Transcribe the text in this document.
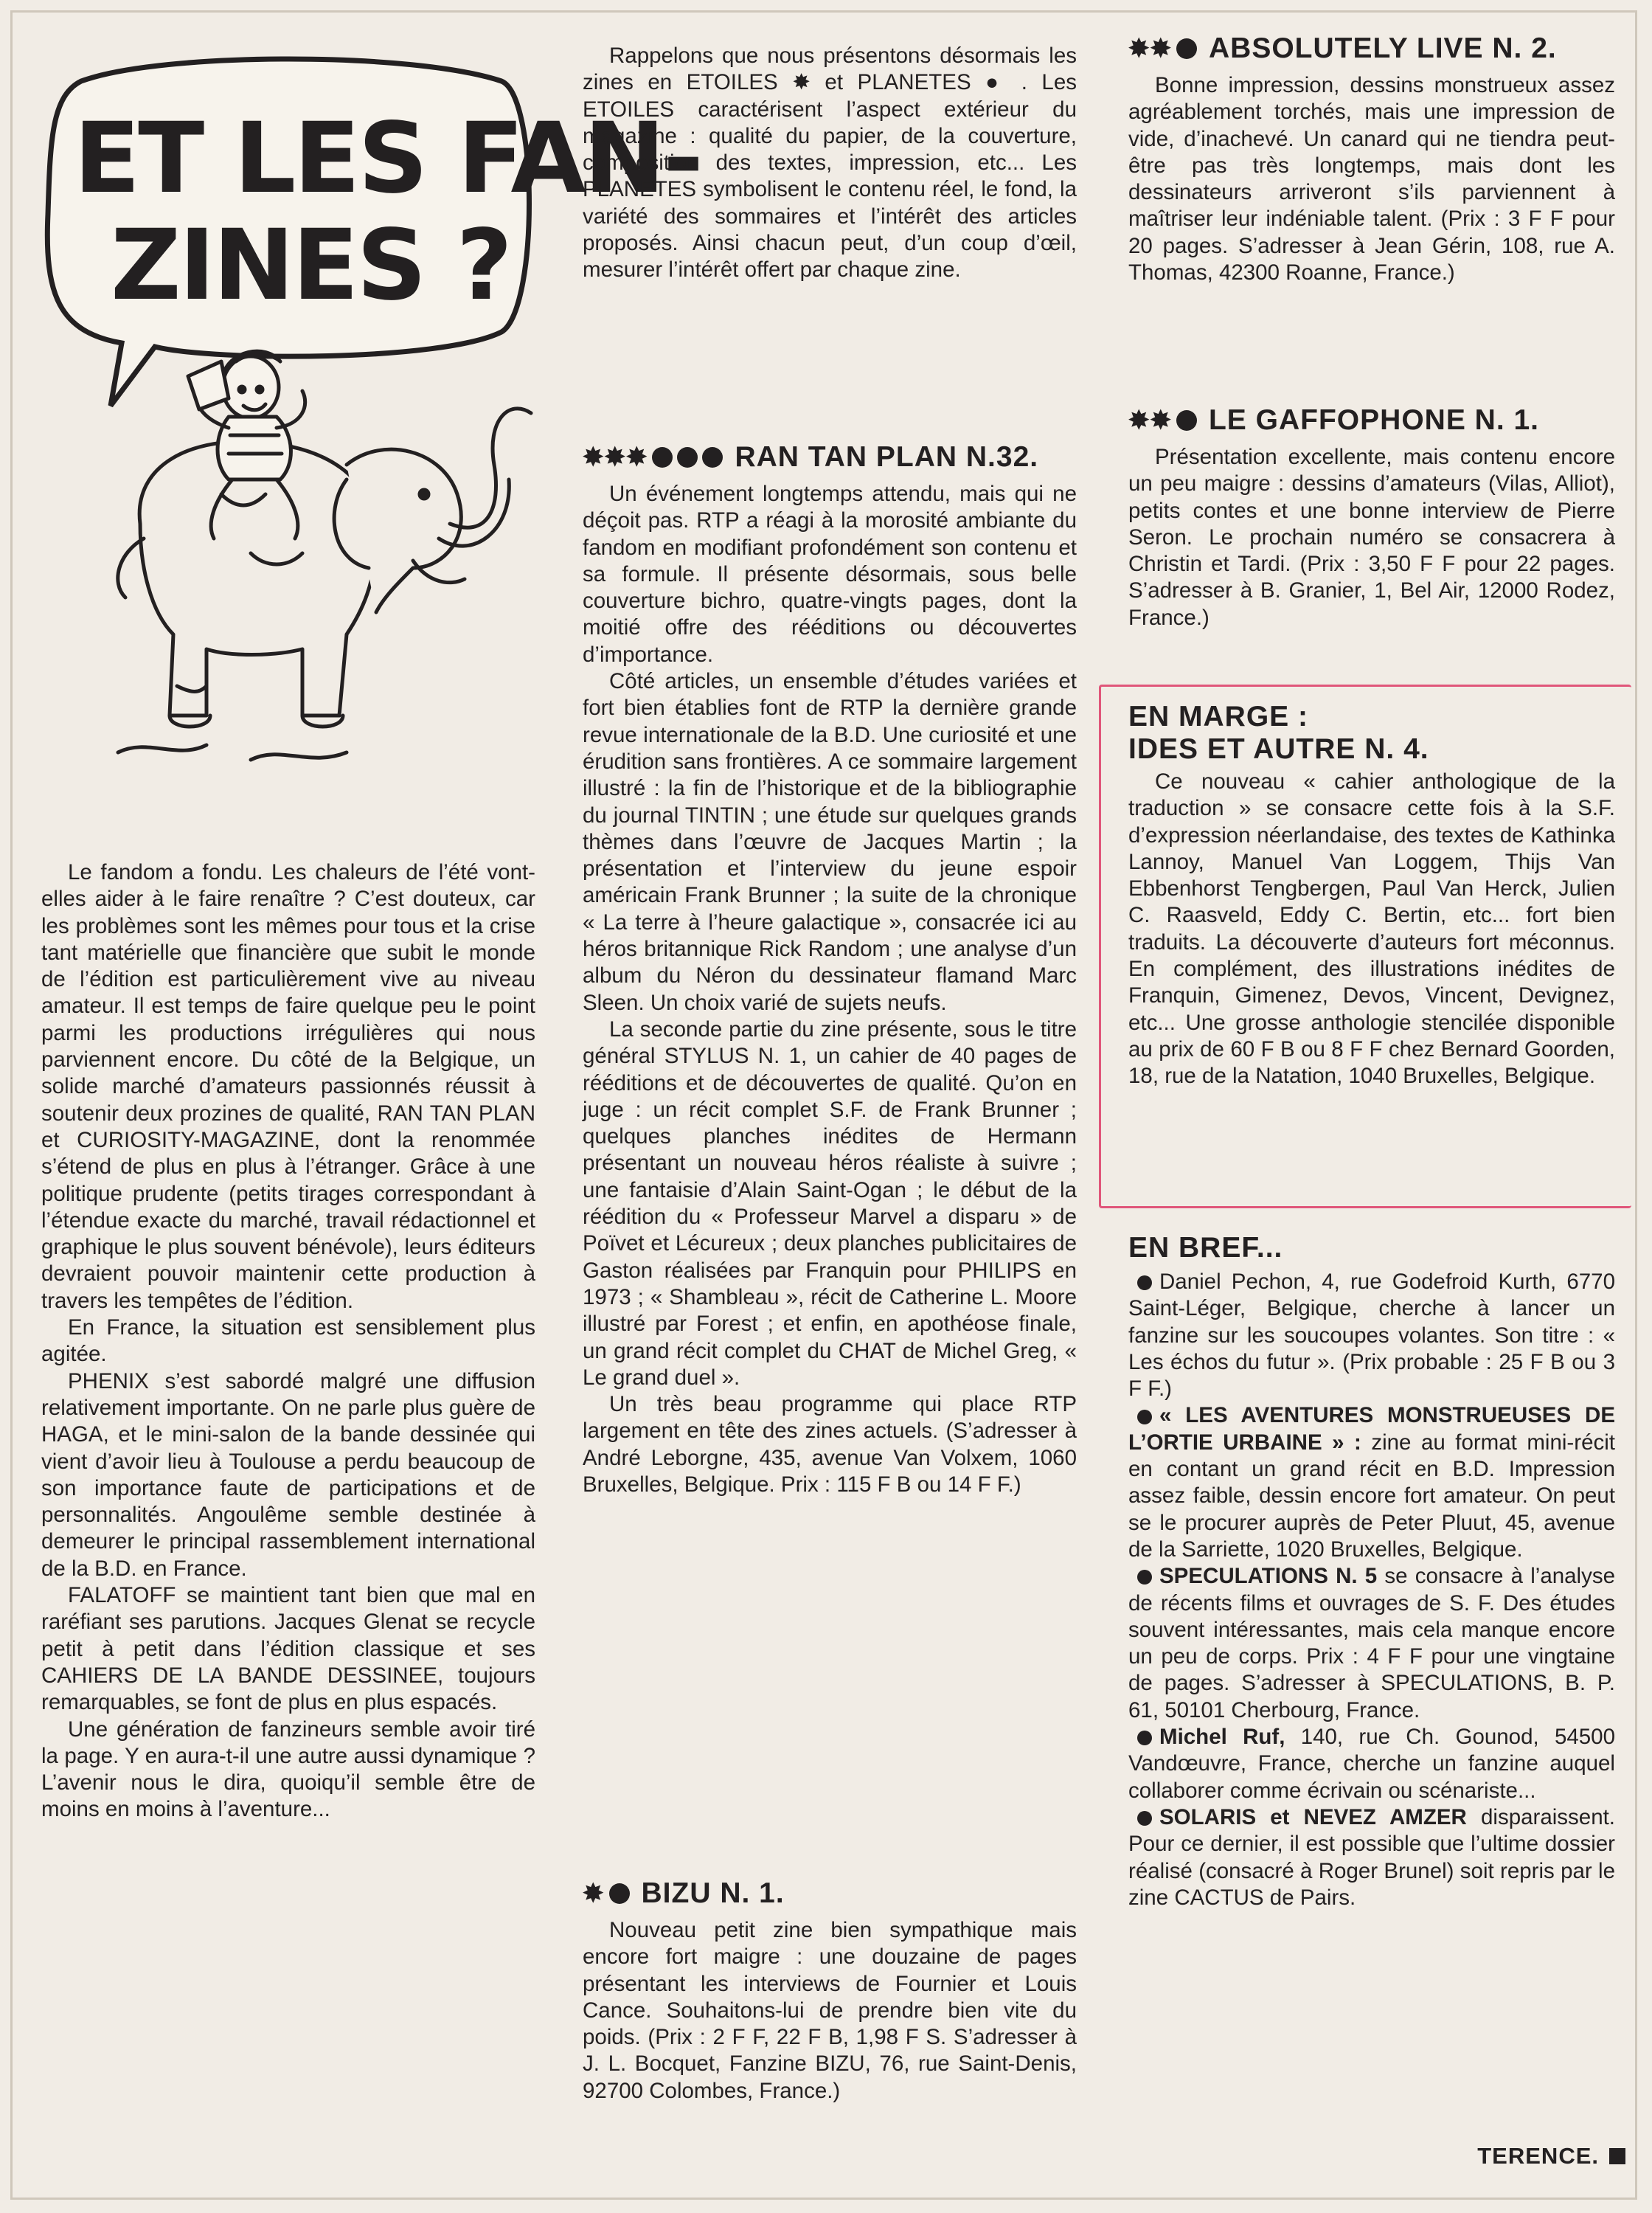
ET LES FAN-
ZINES ?

Le fandom a fondu. Les chaleurs de l’été vont-elles aider à le faire renaître ? C’est douteux, car les problèmes sont les mêmes pour tous et la crise tant matérielle que financière que subit le monde de l’édition est particulièrement vive au niveau amateur. Il est temps de faire quelque peu le point parmi les productions irrégulières qui nous parviennent encore. Du côté de la Belgique, un solide marché d’amateurs passionnés réussit à soutenir deux prozines de qualité, RAN TAN PLAN et CURIOSITY-MAGAZINE, dont la renommée s’étend de plus en plus à l’étranger. Grâce à une politique prudente (petits tirages correspondant à l’étendue exacte du marché, travail rédactionnel et graphique le plus souvent bénévole), leurs éditeurs devraient pouvoir maintenir cette production à travers les tempêtes de l’édition.

En France, la situation est sensiblement plus agitée.

PHENIX s’est sabordé malgré une diffusion relativement importante. On ne parle plus guère de HAGA, et le mini-salon de la bande dessinée qui vient d’avoir lieu à Toulouse a perdu beaucoup de son importance faute de participations et de personnalités. Angoulême semble destinée à demeurer le principal rassemblement international de la B.D. en France.

FALATOFF se maintient tant bien que mal en raréfiant ses parutions. Jacques Glenat se recycle petit à petit dans l’édition classique et ses CAHIERS DE LA BANDE DESSINEE, toujours remarquables, se font de plus en plus espacés.

Une génération de fanzineurs semble avoir tiré la page. Y en aura-t-il une autre aussi dynamique ? L’avenir nous le dira, quoiqu’il semble être de moins en moins à l’aventure...

Rappelons que nous présentons désormais les zines en ETOILES ✸ et PLANETES ● . Les ETOILES caractérisent l’aspect extérieur du magazine : qualité du papier, de la couverture, composition des textes, impression, etc... Les PLANETES symbolisent le contenu réel, le fond, la variété des sommaires et l’intérêt des articles proposés. Ainsi chacun peut, d’un coup d’œil, mesurer l’intérêt offert par chaque zine.

✸✸✸	RAN TAN PLAN N.32.

Un événement longtemps attendu, mais qui ne déçoit pas. RTP a réagi à la morosité ambiante du fandom en modifiant profondément son contenu et sa formule. Il présente désormais, sous belle couverture bichro, quatre-vingts pages, dont la moitié offre des rééditions ou découvertes d’importance.

Côté articles, un ensemble d’études variées et fort bien établies font de RTP la dernière grande revue internationale de la B.D. Une curiosité et une érudition sans frontières. A ce sommaire largement illustré : la fin de l’historique et de la bibliographie du journal TINTIN ; une étude sur quelques grands thèmes dans l’œuvre de Jacques Martin ; la présentation et l’interview du jeune espoir américain Frank Brunner ; la suite de la chronique « La terre à l’heure galactique », consacrée ici au héros britannique Rick Random ; une analyse d’un album du Néron du dessinateur flamand Marc Sleen. Un choix varié de sujets neufs.

La seconde partie du zine présente, sous le titre général STYLUS N. 1, un cahier de 40 pages de rééditions et de découvertes de qualité. Qu’on en juge : un récit complet S.F. de Frank Brunner ; quelques planches inédites de Hermann présentant un nouveau héros réaliste à suivre ; une fantaisie d’Alain Saint-Ogan ; le début de la réédition du « Professeur Marvel a disparu » de Poïvet et Lécureux ; deux planches publicitaires de Gaston réalisées par Franquin pour PHILIPS en 1973 ; « Shambleau », récit de Catherine L. Moore illustré par Forest ; et enfin, en apothéose finale, un grand récit complet du CHAT de Michel Greg, « Le grand duel ».

Un très beau programme qui place RTP largement en tête des zines actuels. (S’adresser à André Leborgne, 435, avenue Van Volxem, 1060 Bruxelles, Belgique. Prix : 115 F B ou 14 F F.)

✸ BIZU N. 1.

Nouveau petit zine bien sympathique mais encore fort maigre : une douzaine de pages présentant les interviews de Fournier et Louis Cance. Souhaitons-lui de prendre bien vite du poids. (Prix : 2 F F, 22 F B, 1,98 F S. S’adresser à J. L. Bocquet, Fanzine BIZU, 76, rue Saint-Denis, 92700 Colombes, France.)

✸✸ ABSOLUTELY LIVE N. 2.

Bonne impression, dessins monstrueux assez agréablement torchés, mais une impression de vide, d’inachevé. Un canard qui ne tiendra peut-être pas très longtemps, mais dont les dessinateurs arriveront s’ils parviennent à maîtriser leur indéniable talent. (Prix : 3 F F pour 20 pages. S’adresser à Jean Gérin, 108, rue A. Thomas, 42300 Roanne, France.)

✸✸ LE GAFFOPHONE N. 1.

Présentation excellente, mais contenu encore un peu maigre : dessins d’amateurs (Vilas, Alliot), petits contes et une bonne interview de Pierre Seron. Le prochain numéro se consacrera à Christin et Tardi. (Prix : 3,50 F F pour 22 pages. S’adresser à B. Granier, 1, Bel Air, 12000 Rodez, France.)

EN MARGE :
IDES ET AUTRE N. 4.

Ce nouveau « cahier anthologique de la traduction » se consacre cette fois à la S.F. d’expression néerlandaise, des textes de Kathinka Lannoy, Manuel Van Loggem, Thijs Van Ebbenhorst Tengbergen, Paul Van Herck, Julien C. Raasveld, Eddy C. Bertin, etc... fort bien traduits. La découverte d’auteurs fort méconnus. En complément, des illustrations inédites de Franquin, Gimenez, Devos, Vincent, Devignez, etc... Une grosse anthologie stencilée disponible au prix de 60 F B ou 8 F F chez Bernard Goorden, 18, rue de la Natation, 1040 Bruxelles, Belgique.

EN BREF...

Daniel Pechon, 4, rue Godefroid Kurth, 6770 Saint-Léger, Belgique, cherche à lancer un fanzine sur les soucoupes volantes. Son titre : « Les échos du futur ». (Prix probable : 25 F B ou 3 F F.)

« LES AVENTURES MONSTRUEUSES DE L’ORTIE URBAINE » : zine au format mini-récit en contant un grand récit en B.D. Impression assez faible, dessin encore fort amateur. On peut se le procurer auprès de Peter Pluut, 45, avenue de la Sarriette, 1020 Bruxelles, Belgique.

SPECULATIONS N. 5 se consacre à l’analyse de récents films et ouvrages de S. F. Des études souvent intéressantes, mais cela manque encore un peu de corps. Prix : 4 F F pour une vingtaine de pages. S’adresser à SPECULATIONS, B. P. 61, 50101 Cherbourg, France.

Michel Ruf, 140, rue Ch. Gounod, 54500 Vandœuvre, France, cherche un fanzine auquel collaborer comme écrivain ou scénariste...

SOLARIS et NEVEZ AMZER disparaissent. Pour ce dernier, il est possible que l’ultime dossier réalisé (consacré à Roger Brunel) soit repris par le zine CACTUS de Pairs.

TERENCE.
